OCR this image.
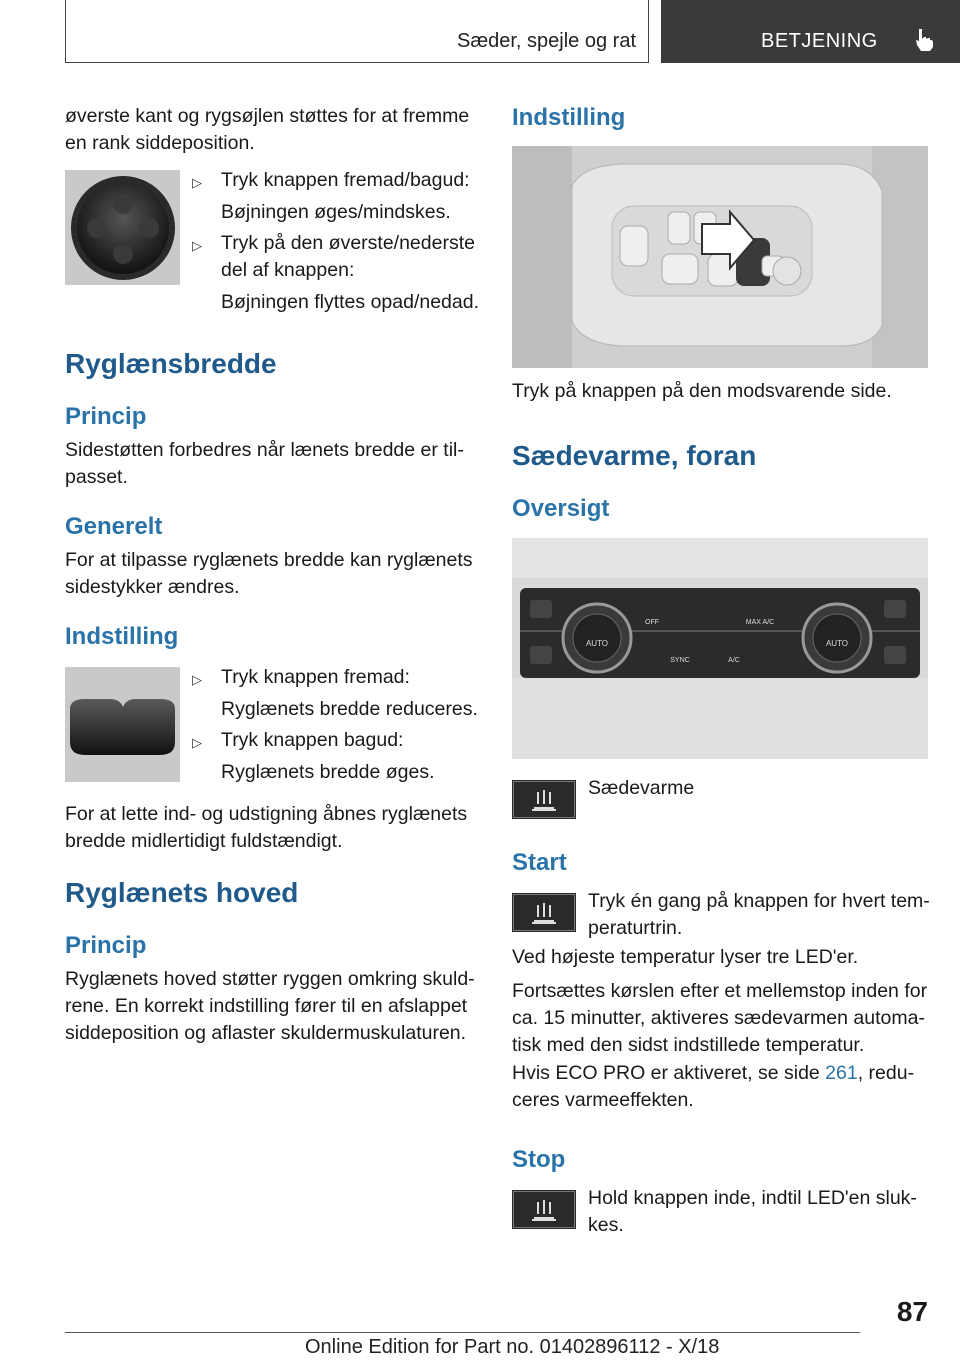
Sæder, spejle og rat	BETJENING
øverste kant og rygsøjlen støttes for at fremme
en rank siddeposition.
▷ Tryk knappen fremad/bagud:
Bøjningen øges/mindskes.
▷ Tryk på den øverste/nederste
del af knappen:
Bøjningen flyttes opad/nedad.
Ryglænsbredde
Princip
Sidestøtten forbedres når lænets bredde er til-
passet.
Generelt
For at tilpasse ryglænets bredde kan ryglænets
sidestykker ændres.
Indstilling
▷ Tryk knappen fremad:
Ryglænets bredde reduceres.
▷ Tryk knappen bagud:
Ryglænets bredde øges.
For at lette ind- og udstigning åbnes ryglænets
bredde midlertidigt fuldstændigt.
Ryglænets hoved
Princip
Ryglænets hoved støtter ryggen omkring skuld-
rene. En korrekt indstilling fører til en afslappet
siddeposition og aflaster skuldermuskulaturen.
Indstilling
Tryk på knappen på den modsvarende side.
Sædevarme, foran
Oversigt
AUTO	AUTO
OFF	MAX A/C
SYNC	A/C
Sædevarme
Start
Tryk én gang på knappen for hvert tem-
peraturtrin.
Ved højeste temperatur lyser tre LED'er.
Fortsættes kørslen efter et mellemstop inden for
ca. 15 minutter, aktiveres sædevarmen automa-
tisk med den sidst indstillede temperatur.
Hvis ECO PRO er aktiveret, se side 261, redu-
ceres varmeeffekten.
Stop
Hold knappen inde, indtil LED'en sluk-
kes.
87
Online Edition for Part no. 01402896112 - X/18
